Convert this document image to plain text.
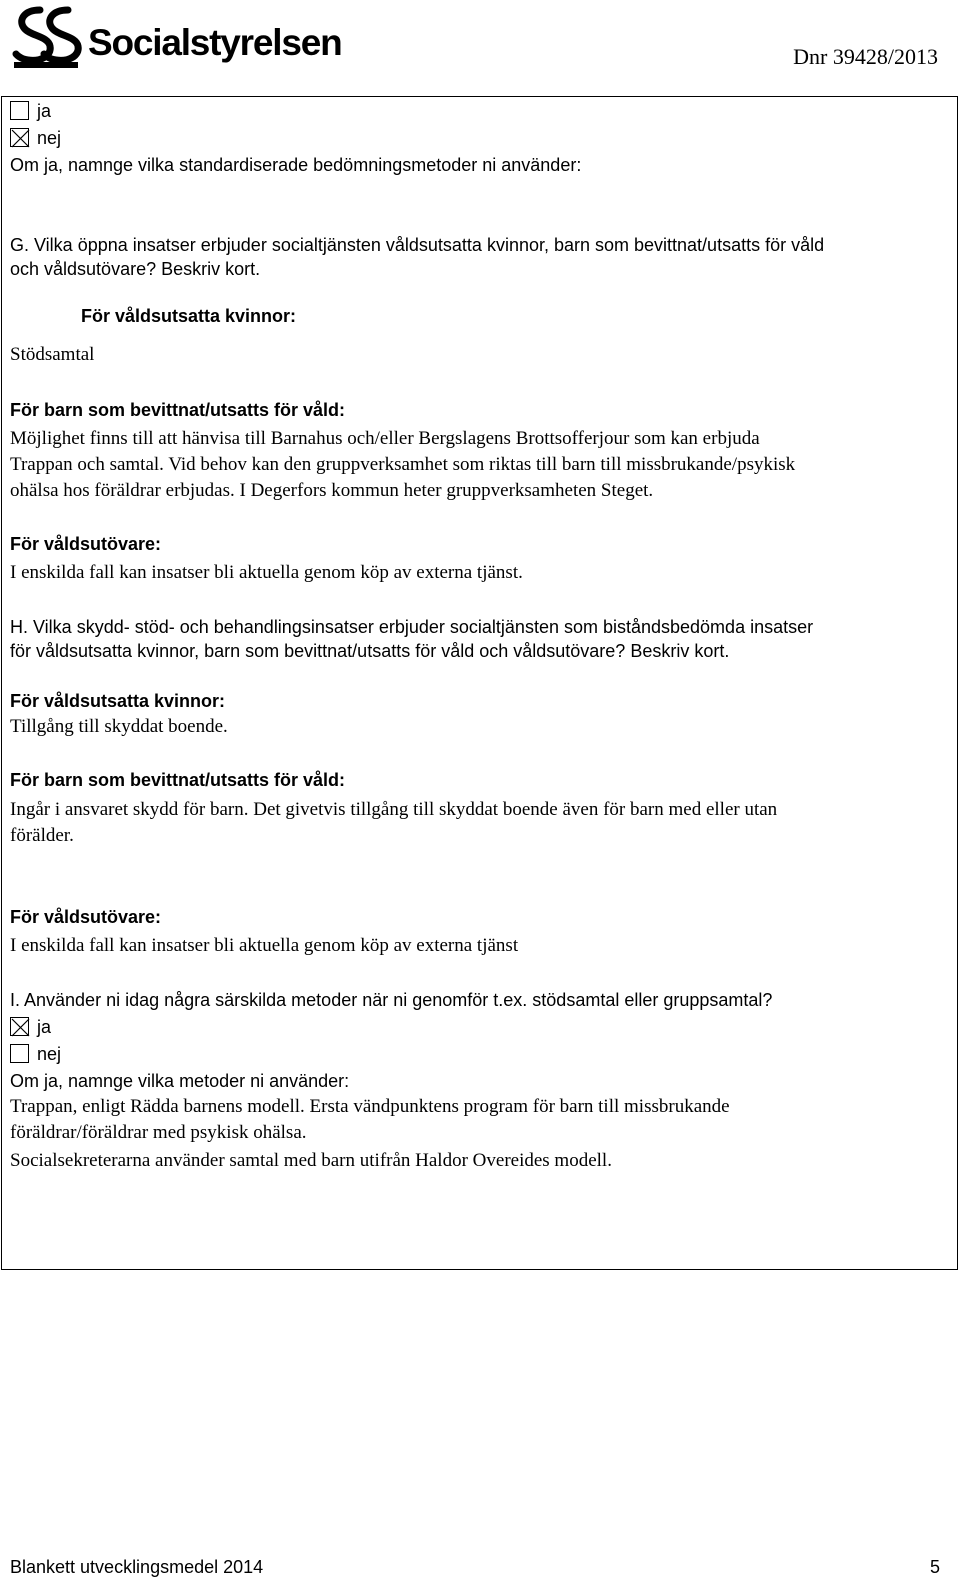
Socialstyrelsen	Dnr 39428/2013
ja
nej

Om ja, namnge vilka standardiserade bedömningsmetoder ni använder:

G. Vilka öppna insatser erbjuder socialtjänsten våldsutsatta kvinnor, barn som bevittnat/utsatts för våld

och våldsutövare? Beskriv kort.

För våldsutsatta kvinnor:

Stödsamtal

För barn som bevittnat/utsatts för våld:

Möjlighet finns till att hänvisa till Barnahus och/eller Bergslagens Brottsofferjour som kan erbjuda

Trappan och samtal. Vid behov kan den gruppverksamhet som riktas till barn till missbrukande/psykisk

ohälsa hos föräldrar erbjudas. I Degerfors kommun heter gruppverksamheten Steget.

För våldsutövare:

I enskilda fall kan insatser bli aktuella genom köp av externa tjänst.

H. Vilka skydd- stöd- och behandlingsinsatser erbjuder socialtjänsten som biståndsbedömda insatser

för våldsutsatta kvinnor, barn som bevittnat/utsatts för våld och våldsutövare? Beskriv kort.

För våldsutsatta kvinnor:

Tillgång till skyddat boende.

För barn som bevittnat/utsatts för våld:

Ingår i ansvaret skydd för barn. Det givetvis tillgång till skyddat boende även för barn med eller utan

förälder.

För våldsutövare:

I enskilda fall kan insatser bli aktuella genom köp av externa tjänst

I. Använder ni idag några särskilda metoder när ni genomför t.ex. stödsamtal eller gruppsamtal?

ja
nej

Om ja, namnge vilka metoder ni använder:

Trappan, enligt Rädda barnens modell. Ersta vändpunktens program för barn till missbrukande

föräldrar/föräldrar med psykisk ohälsa.

Socialsekreterarna använder samtal med barn utifrån Haldor Overeides modell.

Blankett utvecklingsmedel 2014	5
